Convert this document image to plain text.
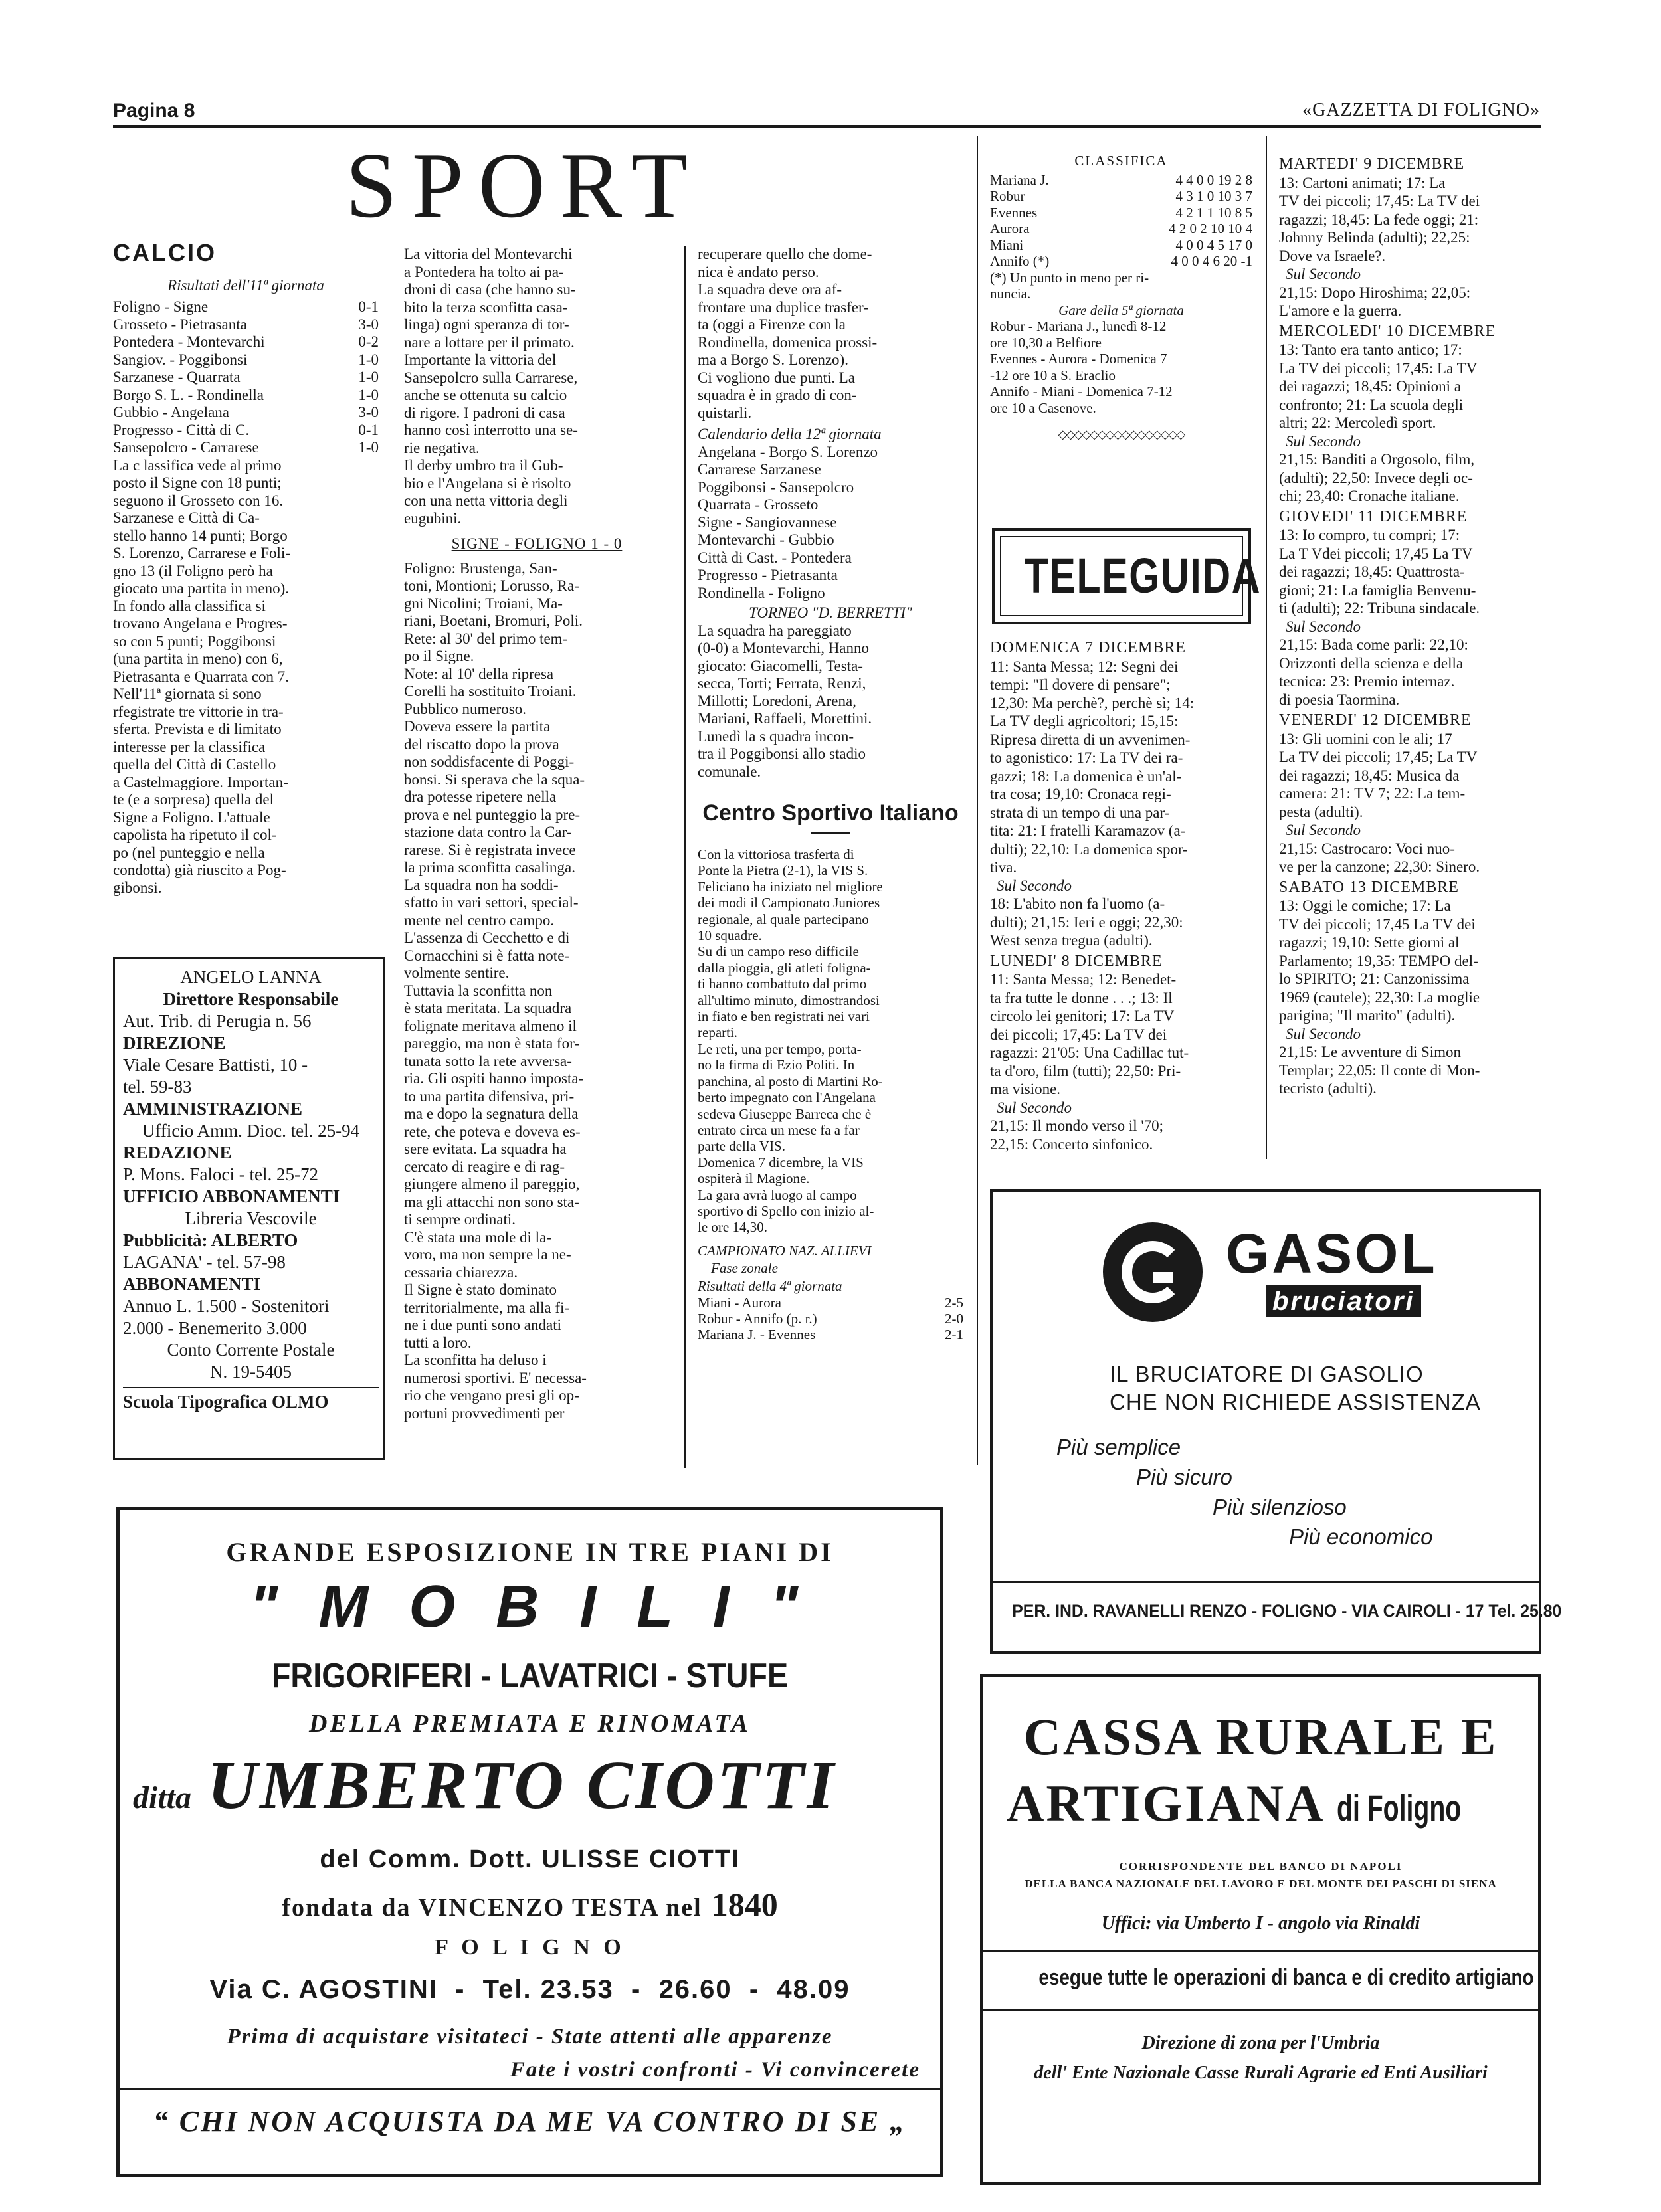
Pagina 8	«GAZZETTA DI FOLIGNO»
SPORT
CALCIO
Risultati dell'11ª giornata
Foligno - Signe	0-1
Grosseto - Pietrasanta	3-0
Pontedera - Montevarchi	0-2
Sangiov. - Poggibonsi	1-0
Sarzanese - Quarrata	1-0
Borgo S. L. - Rondinella	1-0
Gubbio - Angelana	3-0
Progresso - Città di C.	0-1
Sansepolcro - Carrarese	1-0
La c lassifica vede al primo
posto il Signe con 18 punti;
seguono il Grosseto con 16.
Sarzanese e Città di Ca-
stello hanno 14 punti; Borgo
S. Lorenzo, Carrarese e Foli-
gno 13 (il Foligno però ha
giocato una partita in meno).
In fondo alla classifica si
trovano Angelana e Progres-
so con 5 punti; Poggibonsi
(una partita in meno) con 6,
Pietrasanta e Quarrata con 7.
Nell'11ª giornata si sono
rfegistrate tre vittorie in tra-
sferta. Prevista e di limitato
interesse per la classifica
quella del Città di Castello
a Castelmaggiore. Importan-
te (e a sorpresa) quella del
Signe a Foligno. L'attuale
capolista ha ripetuto il col-
po (nel punteggio e nella
condotta) già riuscito a Pog-
gibonsi.
ANGELO LANNA
Direttore Responsabile
Aut. Trib. di Perugia n. 56
DIREZIONE
Viale Cesare Battisti, 10 -
tel. 59-83
AMMINISTRAZIONE
Ufficio Amm. Dioc. tel. 25-94
REDAZIONE
P. Mons. Faloci - tel. 25-72
UFFICIO ABBONAMENTI
Libreria Vescovile
Pubblicità: ALBERTO
LAGANA' - tel. 57-98
ABBONAMENTI
Annuo L. 1.500 - Sostenitori
2.000 - Benemerito 3.000
Conto Corrente Postale
N. 19-5405
Scuola Tipografica OLMO
La vittoria del Montevarchi
a Pontedera ha tolto ai pa-
droni di casa (che hanno su-
bito la terza sconfitta casa-
linga) ogni speranza di tor-
nare a lottare per il primato.
Importante la vittoria del
Sansepolcro sulla Carrarese,
anche se ottenuta su calcio
di rigore. I padroni di casa
hanno così interrotto una se-
rie negativa.
Il derby umbro tra il Gub-
bio e l'Angelana si è risolto
con una netta vittoria degli
eugubini.
SIGNE - FOLIGNO 1 - 0
Foligno: Brustenga, San-
toni, Montioni; Lorusso, Ra-
gni Nicolini; Troiani, Ma-
riani, Boetani, Bromuri, Poli.
Rete: al 30' del primo tem-
po il Signe.
Note: al 10' della ripresa
Corelli ha sostituito Troiani.
Pubblico numeroso.
Doveva essere la partita
del riscatto dopo la prova
non soddisfacente di Poggi-
bonsi. Si sperava che la squa-
dra potesse ripetere nella
prova e nel punteggio la pre-
stazione data contro la Car-
rarese. Si è registrata invece
la prima sconfitta casalinga.
La squadra non ha soddi-
sfatto in vari settori, special-
mente nel centro campo.
L'assenza di Cecchetto e di
Cornacchini si è fatta note-
volmente sentire.
Tuttavia la sconfitta non
è stata meritata. La squadra
folignate meritava almeno il
pareggio, ma non è stata for-
tunata sotto la rete avversa-
ria. Gli ospiti hanno imposta-
to una partita difensiva, pri-
ma e dopo la segnatura della
rete, che poteva e doveva es-
sere evitata. La squadra ha
cercato di reagire e di rag-
giungere almeno il pareggio,
ma gli attacchi non sono sta-
ti sempre ordinati.
C'è stata una mole di la-
voro, ma non sempre la ne-
cessaria chiarezza.
Il Signe è stato dominato
territorialmente, ma alla fi-
ne i due punti sono andati
tutti a loro.
La sconfitta ha deluso i
numerosi sportivi. E' necessa-
rio che vengano presi gli op-
portuni provvedimenti per
recuperare quello che dome-
nica è andato perso.
La squadra deve ora af-
frontare una duplice trasfer-
ta (oggi a Firenze con la
Rondinella, domenica prossi-
ma a Borgo S. Lorenzo).
Ci vogliono due punti. La
squadra è in grado di con-
quistarli.
Calendario della 12ª giornata
Angelana - Borgo S. Lorenzo
Carrarese Sarzanese
Poggibonsi - Sansepolcro
Quarrata - Grosseto
Signe - Sangiovannese
Montevarchi - Gubbio
Città di Cast. - Pontedera
Progresso - Pietrasanta
Rondinella - Foligno
TORNEO "D. BERRETTI"
La squadra ha pareggiato
(0-0) a Montevarchi, Hanno
giocato: Giacomelli, Testa-
secca, Torti; Ferrata, Renzi,
Millotti; Loredoni, Arena,
Mariani, Raffaeli, Morettini.
Lunedì la s quadra incon-
tra il Poggibonsi allo stadio
comunale.
Centro Sportivo Italiano
Con la vittoriosa trasferta di
Ponte la Pietra (2-1), la VIS S.
Feliciano ha iniziato nel migliore
dei modi il Campionato Juniores
regionale, al quale partecipano
10 squadre.
Su di un campo reso difficile
dalla pioggia, gli atleti foligna-
ti hanno combattuto dal primo
all'ultimo minuto, dimostrandosi
in fiato e ben registrati nei vari
reparti.
Le reti, una per tempo, porta-
no la firma di Ezio Politi. In
panchina, al posto di Martini Ro-
berto impegnato con l'Angelana
sedeva Giuseppe Barreca che è
entrato circa un mese fa a far
parte della VIS.
Domenica 7 dicembre, la VIS
ospiterà il Magione.
La gara avrà luogo al campo
sportivo di Spello con inizio al-
le ore 14,30.
CAMPIONATO NAZ. ALLIEVI
Fase zonale
Risultati della 4ª giornata
Miani - Aurora	2-5
Robur - Annifo (p. r.)	2-0
Mariana J. - Evennes	2-1
CLASSIFICA
Mariana J.	4 4 0 0 19 2 8
Robur	4 3 1 0 10 3 7
Evennes	4 2 1 1 10 8 5
Aurora	4 2 0 2 10 10 4
Miani	4 0 0 4 5 17 0
Annifo (*)	4 0 0 4 6 20 -1
(*) Un punto in meno per ri-
nuncia.
Gare della 5ª giornata
Robur - Mariana J., lunedì 8-12
ore 10,30 a Belfiore
Evennes - Aurora - Domenica 7
-12 ore 10 a S. Eraclio
Annifo - Miani - Domenica 7-12
ore 10 a Casenove.
◇◇◇◇◇◇◇◇◇◇◇◇◇◇◇◇
TELEGUIDA
DOMENICA 7 DICEMBRE
11: Santa Messa; 12: Segni dei
tempi: "Il dovere di pensare";
12,30: Ma perchè?, perchè sì; 14:
La TV degli agricoltori; 15,15:
Ripresa diretta di un avvenimen-
to agonistico: 17: La TV dei ra-
gazzi; 18: La domenica è un'al-
tra cosa; 19,10: Cronaca regi-
strata di un tempo di una par-
tita: 21: I fratelli Karamazov (a-
dulti); 22,10: La domenica spor-
tiva.
Sul Secondo
18: L'abito non fa l'uomo (a-
dulti); 21,15: Ieri e oggi; 22,30:
West senza tregua (adulti).
LUNEDI' 8 DICEMBRE
11: Santa Messa; 12: Benedet-
ta fra tutte le donne . . .; 13: Il
circolo lei genitori; 17: La TV
dei piccoli; 17,45: La TV dei
ragazzi: 21'05: Una Cadillac tut-
ta d'oro, film (tutti); 22,50: Pri-
ma visione.
Sul Secondo
21,15: Il mondo verso il '70;
22,15: Concerto sinfonico.
MARTEDI' 9 DICEMBRE
13: Cartoni animati; 17: La
TV dei piccoli; 17,45: La TV dei
ragazzi; 18,45: La fede oggi; 21:
Johnny Belinda (adulti); 22,25:
Dove va Israele?.
Sul Secondo
21,15: Dopo Hiroshima; 22,05:
L'amore e la guerra.
MERCOLEDI' 10 DICEMBRE
13: Tanto era tanto antico; 17:
La TV dei piccoli; 17,45: La TV
dei ragazzi; 18,45: Opinioni a
confronto; 21: La scuola degli
altri; 22: Mercoledì sport.
Sul Secondo
21,15: Banditi a Orgosolo, film,
(adulti); 22,50: Invece degli oc-
chi; 23,40: Cronache italiane.
GIOVEDI' 11 DICEMBRE
13: Io compro, tu compri; 17:
La T Vdei piccoli; 17,45 La TV
dei ragazzi; 18,45: Quattrosta-
gioni; 21: La famiglia Benvenu-
ti (adulti); 22: Tribuna sindacale.
Sul Secondo
21,15: Bada come parli: 22,10:
Orizzonti della scienza e della
tecnica: 23: Premio internaz.
di poesia Taormina.
VENERDI' 12 DICEMBRE
13: Gli uomini con le ali; 17
La TV dei piccoli; 17,45; La TV
dei ragazzi; 18,45: Musica da
camera: 21: TV 7; 22: La tem-
pesta (adulti).
Sul Secondo
21,15: Castrocaro: Voci nuo-
ve per la canzone; 22,30: Sinero.
SABATO 13 DICEMBRE
13: Oggi le comiche; 17: La
TV dei piccoli; 17,45 La TV dei
ragazzi; 19,10: Sette giorni al
Parlamento; 19,35: TEMPO del-
lo SPIRITO; 21: Canzonissima
1969 (cautele); 22,30: La moglie
parigina; "Il marito" (adulti).
Sul Secondo
21,15: Le avventure di Simon
Templar; 22,05: Il conte di Mon-
tecristo (adulti).
GRANDE ESPOSIZIONE IN TRE PIANI DI
" M O B I L I "
FRIGORIFERI - LAVATRICI - STUFE
DELLA PREMIATA E RINOMATA
ditta UMBERTO CIOTTI
del Comm. Dott. ULISSE CIOTTI
fondata da VINCENZO TESTA nel 1840
F O L I G N O
Via C. AGOSTINI  -  Tel. 23.53  -  26.60  -  48.09
Prima di acquistare visitateci - State attenti alle apparenze
Fate i vostri confronti - Vi convincerete
“ CHI NON ACQUISTA DA ME VA CONTRO DI SE „
GASOL
bruciatori
IL BRUCIATORE DI GASOLIO
CHE NON RICHIEDE ASSISTENZA
Più semplice
Più sicuro
Più silenzioso
Più economico
PER. IND. RAVANELLI RENZO - FOLIGNO - VIA CAIROLI - 17 Tel. 25.80
CASSA RURALE E
ARTIGIANA di Foligno
CORRISPONDENTE DEL BANCO DI NAPOLI
DELLA BANCA NAZIONALE DEL LAVORO E DEL MONTE DEI PASCHI DI SIENA
Uffici: via Umberto I - angolo via Rinaldi
esegue tutte le operazioni di banca e di credito artigiano
Direzione di zona per l'Umbria
dell' Ente Nazionale Casse Rurali Agrarie ed Enti Ausiliari
